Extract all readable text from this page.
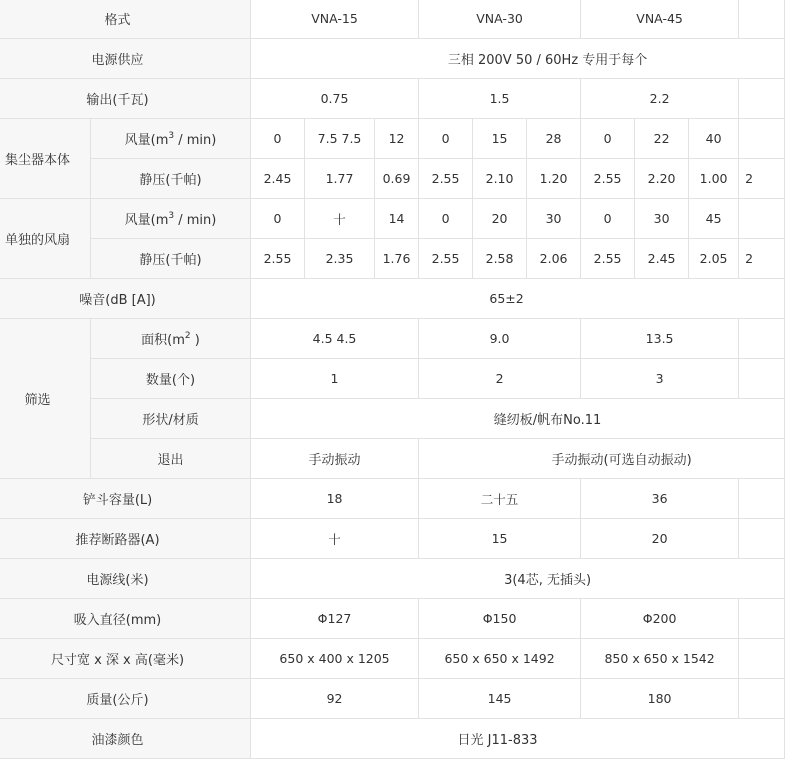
格式		VNA-15			VNA-30			VNA-45			
电源供应		三相 200V 50 / 60Hz 专用于每个									
输出(千瓦)		0.75			1.5			2.2			
集尘器本体	风量$(m^3 / \min)$	0	7.5 7.5	12	0	15	28	0	22	40	
	静压(千帕)	2.45	1.77	0.69	2.55	2.10	1.20	2.55	2.20	1.00	2
单独的风扇	风量$(m^3 / \min)$	0	十	14	0	20	30	0	30	45	
	静压(千帕)	2.55	2.35	1.76	2.55	2.58	2.06	2.55	2.45	2.05	2
噪音(dB [A])		65±2									
筛选	面积($m^2$ )	4.5 4.5			9.0			13.5			
	数量(个)	1			2			3			
	形状/材质	缝纫板/帆布No.11									
	退出	手动振动			手动振动(可选自动振动)						
铲斗容量(L)		18			二十五			36			
推荐断路器(A)		十			15			20			
电源线(米)		3(4芯, 无插头)									
吸入直径(mm)		Φ127			Φ150			Φ200			
尺寸宽 x 深 x 高(毫米)		650 x 400 x 1205			650 x 650 x 1492			850 x 650 x 1542			
质量(公斤)		92			145			180			
油漆颜色		日光 J11-833									
